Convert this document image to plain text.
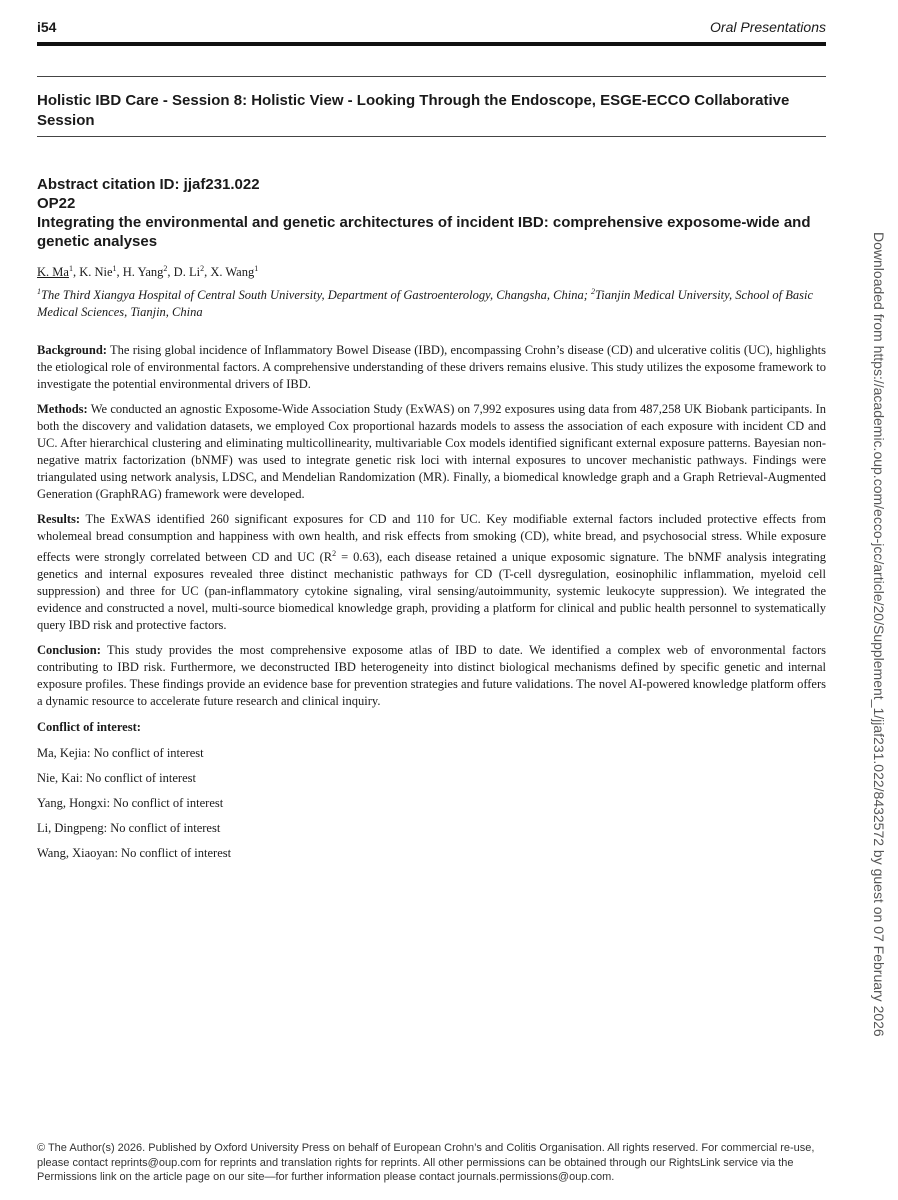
i54	Oral Presentations
Holistic IBD Care - Session 8: Holistic View - Looking Through the Endoscope, ESGE-ECCO Collaborative Session

Abstract citation ID: jjaf231.022

OP22

Integrating the environmental and genetic architectures of incident IBD: comprehensive exposome-wide and genetic analyses

K. Ma$^1$, K. Nie$^1$, H. Yang$^2$, D. Li$^2$, X. Wang$^1$

$^1$The Third Xiangya Hospital of Central South University, Department of Gastroenterology, Changsha, China; $^2$Tianjin Medical University, School of Basic Medical Sciences, Tianjin, China

Background: The rising global incidence of Inflammatory Bowel Disease (IBD), encompassing Crohn’s disease (CD) and ulcerative colitis (UC), highlights the etiological role of environmental factors. A comprehensive understanding of these drivers remains elusive. This study utilizes the exposome framework to investigate the potential environmental drivers of IBD.

Methods: We conducted an agnostic Exposome-Wide Association Study (ExWAS) on 7,992 exposures using data from 487,258 UK Biobank participants. In both the discovery and validation datasets, we employed Cox proportional hazards models to assess the association of each exposure with incident CD and UC. After hierarchical clustering and eliminating multicollinearity, multivariable Cox models identified significant external exposure patterns. Bayesian non-negative matrix factorization (bNMF) was used to integrate genetic risk loci with internal exposures to uncover mechanistic pathways. Findings were triangulated using network analysis, LDSC, and Mendelian Randomization (MR). Finally, a biomedical knowledge graph and a Graph Retrieval-Augmented Generation (GraphRAG) framework were developed.

Results: The ExWAS identified 260 significant exposures for CD and 110 for UC. Key modifiable external factors included protective effects from wholemeal bread consumption and happiness with own health, and risk effects from smoking (CD), white bread, and psychosocial stress. While exposure effects were strongly correlated between CD and UC $(R^2 = 0.63)$, each disease retained a unique exposomic signature. The bNMF analysis integrating genetics and internal exposures revealed three distinct mechanistic pathways for CD (T-cell dysregulation, eosinophilic inflammation, myeloid cell suppression) and three for UC (pan-inflammatory cytokine signaling, viral sensing/autoimmunity, systemic leukocyte suppression). We integrated the evidence and constructed a novel, multi-source biomedical knowledge graph, providing a platform for clinical and public health personnel to systematically query IBD risk and protective factors.

Conclusion: This study provides the most comprehensive exposome atlas of IBD to date. We identified a complex web of envoronmental factors contributing to IBD risk. Furthermore, we deconstructed IBD heterogeneity into distinct biological mechanisms defined by specific genetic and internal exposure profiles. These findings provide an evidence base for prevention strategies and future validations. The novel AI-powered knowledge platform offers a dynamic resource to accelerate future research and clinical inquiry.

Conflict of interest:

Ma, Kejia: No conflict of interest

Nie, Kai: No conflict of interest

Yang, Hongxi: No conflict of interest

Li, Dingpeng: No conflict of interest

Wang, Xiaoyan: No conflict of interest	Downloaded from https://academic.oup.com/ecco-jcc/article/20/Supplement_1/jjaf231.022/8432572 by guest on 07 February 2026

© The Author(s) 2026. Published by Oxford University Press on behalf of European Crohn’s and Colitis Organisation. All rights reserved. For commercial re-use, please contact reprints@oup.com for reprints and translation rights for reprints. All other permissions can be obtained through our RightsLink service via the Permissions link on the article page on our site—for further information please contact journals.permissions@oup.com.
